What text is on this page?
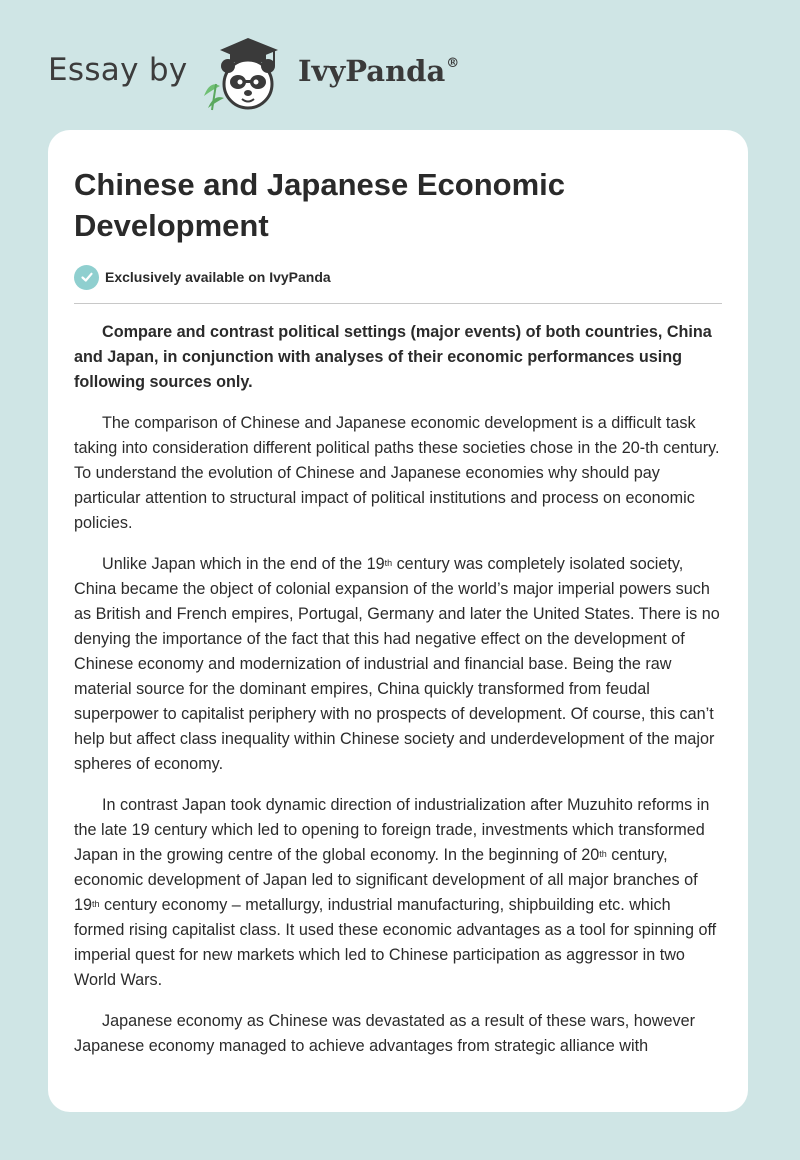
Essay by	IvyPanda®
Chinese and Japanese Economic Development
Exclusively available on IvyPanda

Compare and contrast political settings (major events) of both countries, China and Japan, in conjunction with analyses of their economic performances using following sources only.

The comparison of Chinese and Japanese economic development is a difficult task taking into consideration different political paths these societies chose in the 20-th century. To understand the evolution of Chinese and Japanese economies why should pay particular attention to structural impact of political institutions and process on economic policies.

Unlike Japan which in the end of the 19th century was completely isolated society, China became the object of colonial expansion of the world’s major imperial powers such as British and French empires, Portugal, Germany and later the United States. There is no denying the importance of the fact that this had negative effect on the development of Chinese economy and modernization of industrial and financial base. Being the raw material source for the dominant empires, China quickly transformed from feudal superpower to capitalist periphery with no prospects of development. Of course, this can’t help but affect class inequality within Chinese society and underdevelopment of the major spheres of economy.

In contrast Japan took dynamic direction of industrialization after Muzuhito reforms in the late 19 century which led to opening to foreign trade, investments which transformed Japan in the growing centre of the global economy. In the beginning of 20th century, economic development of Japan led to significant development of all major branches of 19th century economy – metallurgy, industrial manufacturing, shipbuilding etc. which formed rising capitalist class. It used these economic advantages as a tool for spinning off imperial quest for new markets which led to Chinese participation as aggressor in two World Wars.

Japanese economy as Chinese was devastated as a result of these wars, however Japanese economy managed to achieve advantages from strategic alliance with
